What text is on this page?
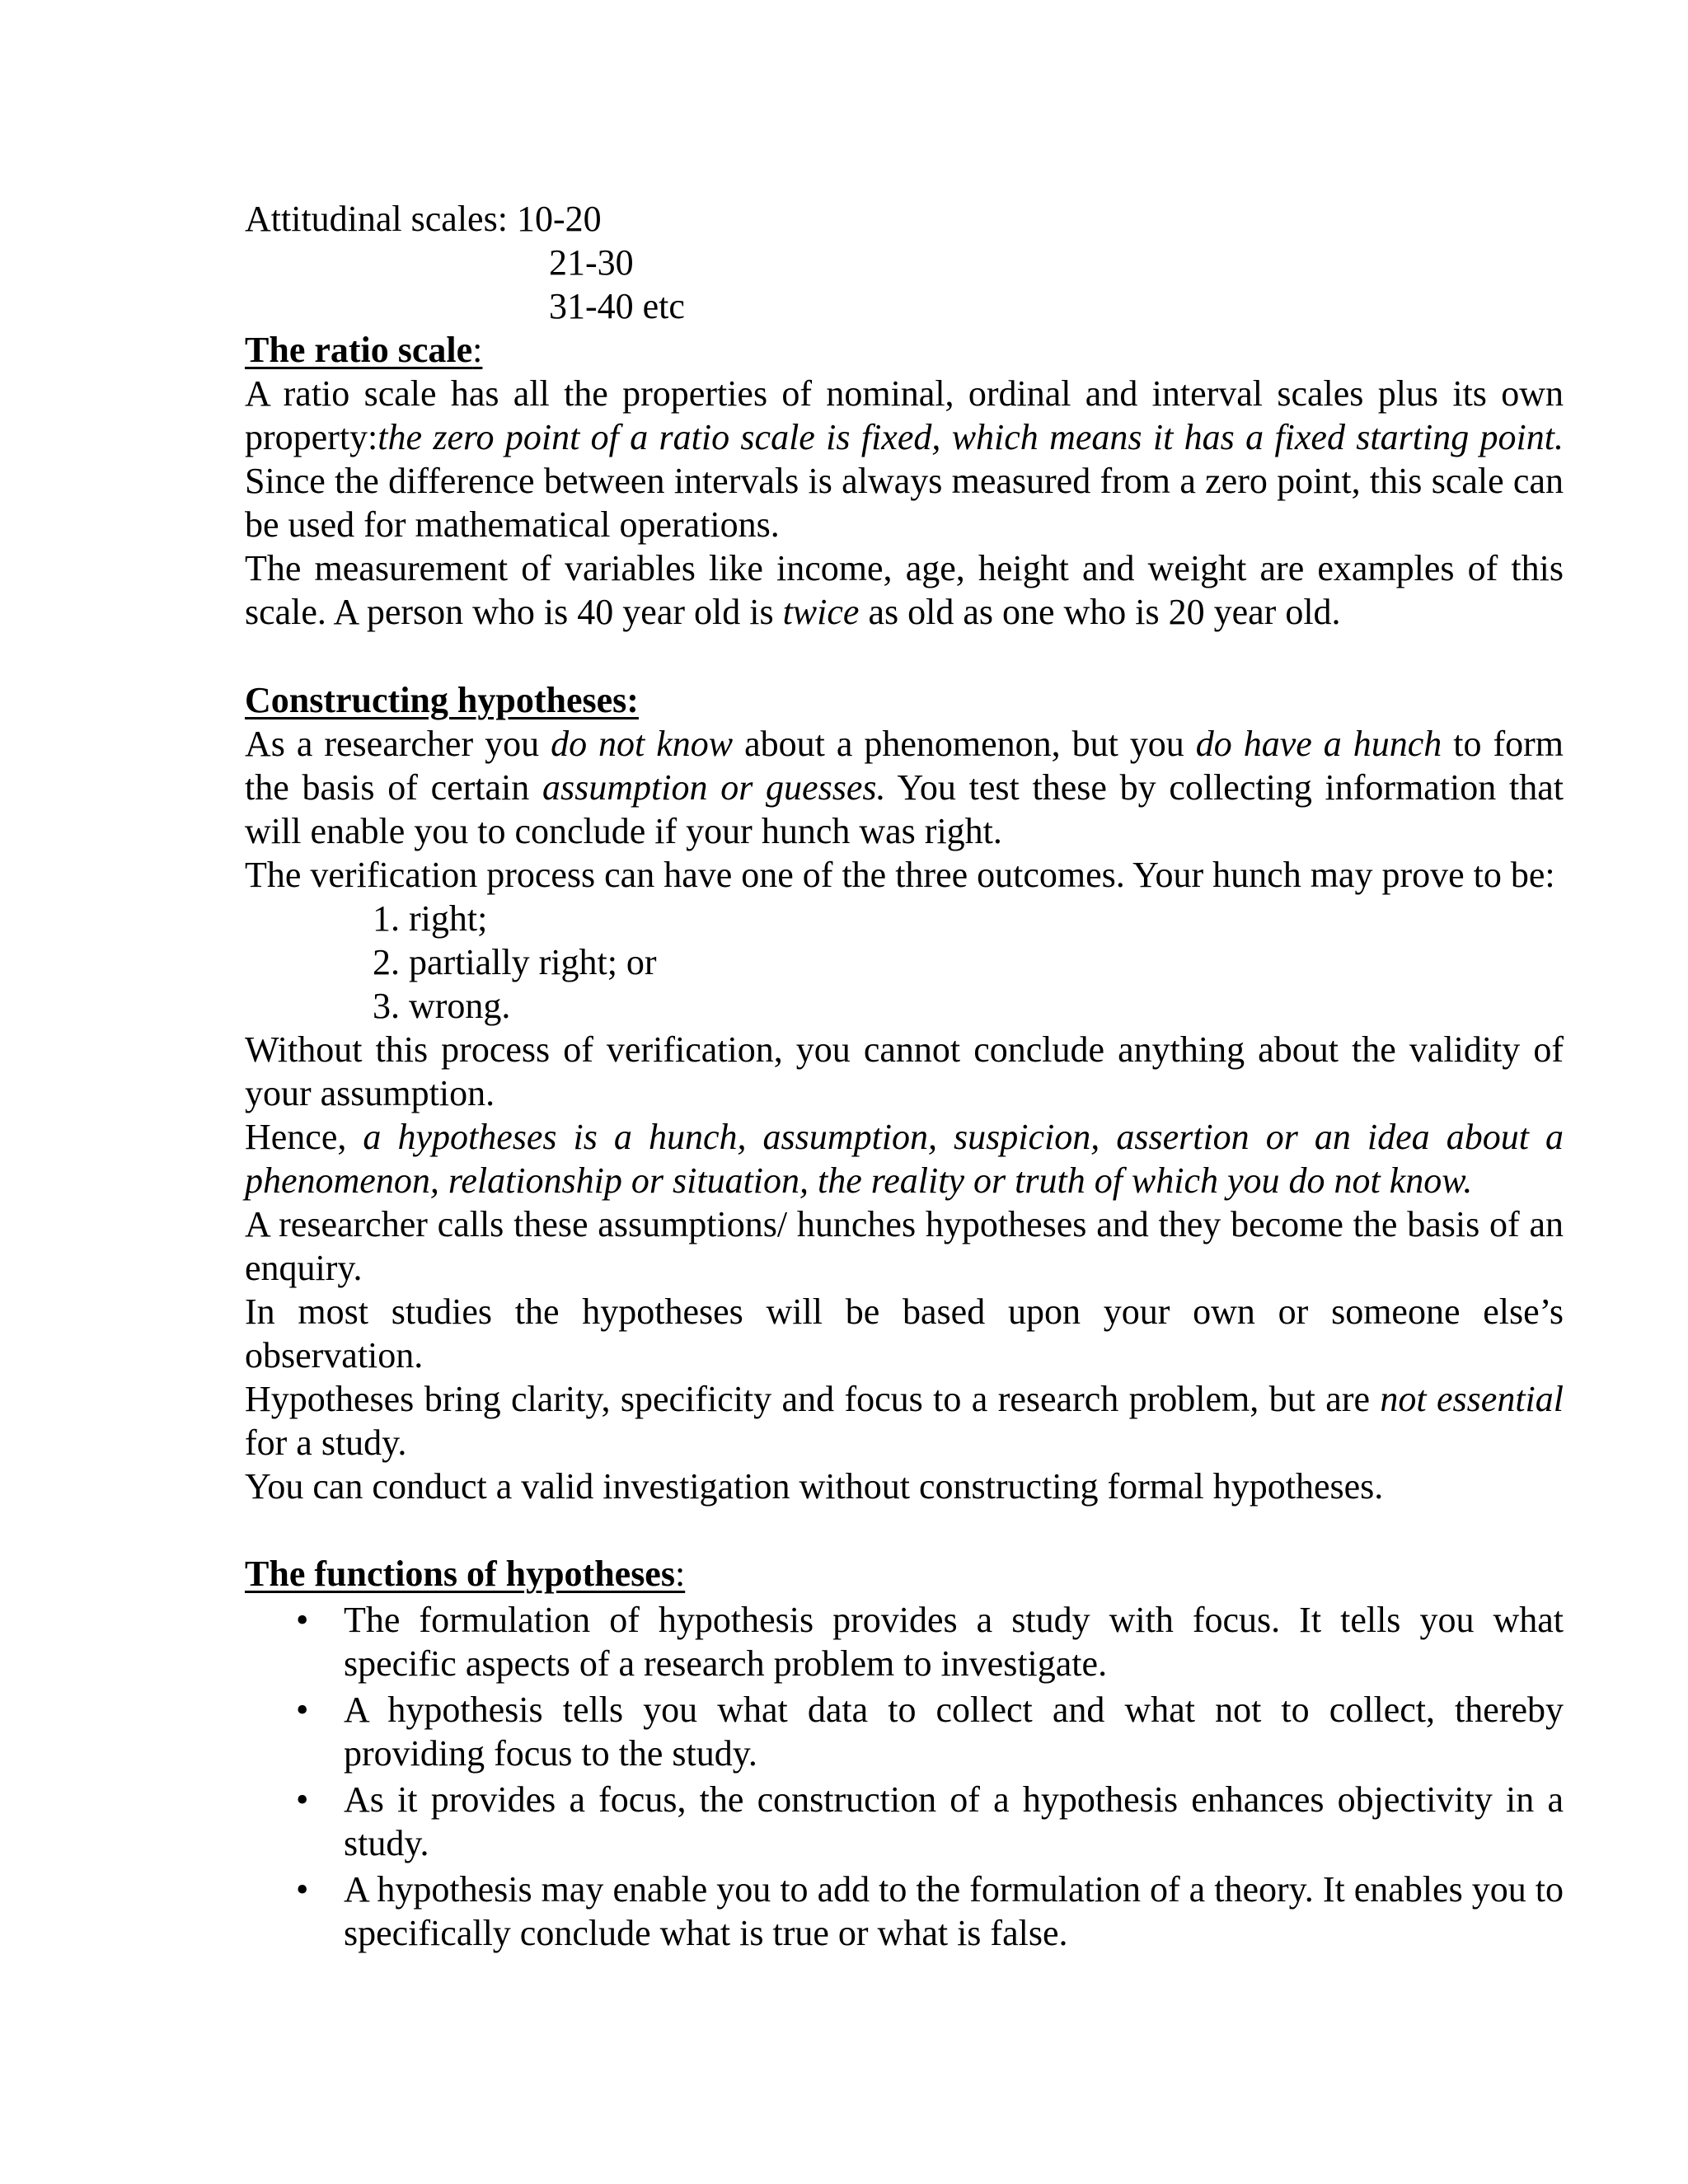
Attitudinal scales: 10-20
21-30
31-40 etc
The ratio scale:
A ratio scale has all the properties of nominal, ordinal and interval scales plus its own property:the zero point of a ratio scale is fixed, which means it has a fixed starting point. Since the difference between intervals is always measured from a zero point, this scale can be used for mathematical operations.
The measurement of variables like income, age, height and weight are examples of this scale. A person who is 40 year old is twice as old as one who is 20 year old.
Constructing hypotheses:
As a researcher you do not know about a phenomenon, but you do have a hunch to form the basis of certain assumption or guesses. You test these by collecting information that will enable you to conclude if your hunch was right.
The verification process can have one of the three outcomes. Your hunch may prove to be:
1. right;
2. partially right; or
3. wrong.
Without this process of verification, you cannot conclude anything about the validity of your assumption.
Hence, a hypotheses is a hunch, assumption, suspicion, assertion or an idea about a phenomenon, relationship or situation, the reality or truth of which you do not know.
A researcher calls these assumptions/ hunches hypotheses and they become the basis of an enquiry.
In most studies the hypotheses will be based upon your own or someone else’s observation.
Hypotheses bring clarity, specificity and focus to a research problem, but are not essential for a study.
You can conduct a valid investigation without constructing formal hypotheses.
The functions of hypotheses:
• The formulation of hypothesis provides a study with focus. It tells you what specific aspects of a research problem to investigate.
• A hypothesis tells you what data to collect and what not to collect, thereby providing focus to the study.
• As it provides a focus, the construction of a hypothesis enhances objectivity in a study.
• A hypothesis may enable you to add to the formulation of a theory. It enables you to specifically conclude what is true or what is false.
